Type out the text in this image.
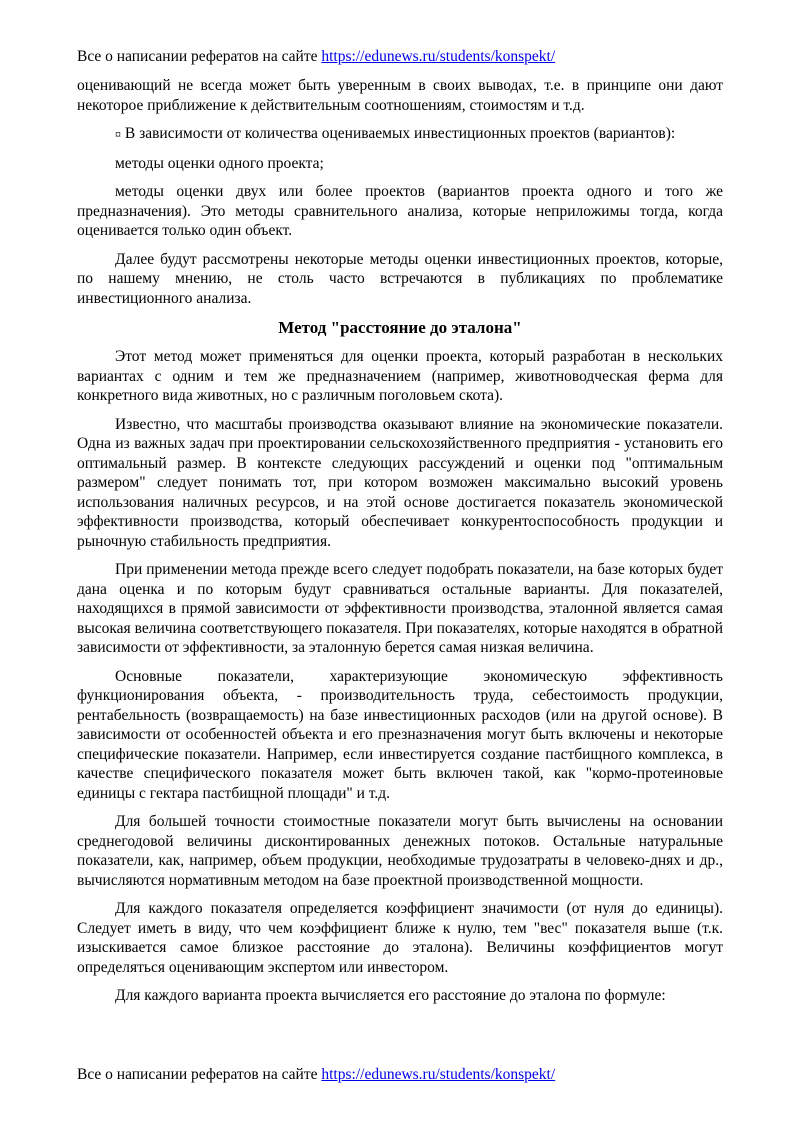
Все о написании рефератов на сайте https://edunews.ru/students/konspekt/

оценивающий не всегда может быть уверенным в своих выводах, т.е. в принципе они дают некоторое приближение к действительным соотношениям, стоимостям и т.д.

¤ В зависимости от количества оцениваемых инвестиционных проектов (вариантов):

методы оценки одного проекта;

методы оценки двух или более проектов (вариантов проекта одного и того же предназначения). Это методы сравнительного анализа, которые неприложимы тогда, когда оценивается только один объект.

Далее будут рассмотрены некоторые методы оценки инвестиционных проектов, которые, по нашему мнению, не столь часто встречаются в публикациях по проблематике инвестиционного анализа.

Метод "расстояние до эталона"

Этот метод может применяться для оценки проекта, который разработан в нескольких вариантах с одним и тем же предназначением (например, животноводческая ферма для конкретного вида животных, но с различным поголовьем скота).

Известно, что масштабы производства оказывают влияние на экономические показатели. Одна из важных задач при проектировании сельскохозяйственного предприятия - установить его оптимальный размер. В контексте следующих рассуждений и оценки под "оптимальным размером" следует понимать тот, при котором возможен максимально высокий уровень использования наличных ресурсов, и на этой основе достигается показатель экономической эффективности производства, который обеспечивает конкурентоспособность продукции и рыночную стабильность предприятия.

При применении метода прежде всего следует подобрать показатели, на базе которых будет дана оценка и по которым будут сравниваться остальные варианты. Для показателей, находящихся в прямой зависимости от эффективности производства, эталонной является самая высокая величина соответствующего показателя. При показателях, которые находятся в обратной зависимости от эффективности, за эталонную берется самая низкая величина.

Основные показатели, характеризующие экономическую эффективность функционирования объекта, - производительность труда, себестоимость продукции, рентабельность (возвращаемость) на базе инвестиционных расходов (или на другой основе). В зависимости от особенностей объекта и его презназначения могут быть включены и некоторые специфические показатели. Например, если инвестируется создание пастбищного комплекса, в качестве специфического показателя может быть включен такой, как "кормо-протеиновые единицы с гектара пастбищной площади" и т.д.

Для большей точности стоимостные показатели могут быть вычислены на основании среднегодовой величины дисконтированных денежных потоков. Остальные натуральные показатели, как, например, объем продукции, необходимые трудозатраты в человеко-днях и др., вычисляются нормативным методом на базе проектной производственной мощности.

Для каждого показателя определяется коэффициент значимости (от нуля до единицы). Следует иметь в виду, что чем коэффициент ближе к нулю, тем "вес" показателя выше (т.к. изыскивается самое близкое расстояние до эталона). Величины коэффициентов могут определяться оценивающим экспертом или инвестором.

Для каждого варианта проекта вычисляется его расстояние до эталона по формуле:

Все о написании рефератов на сайте https://edunews.ru/students/konspekt/
